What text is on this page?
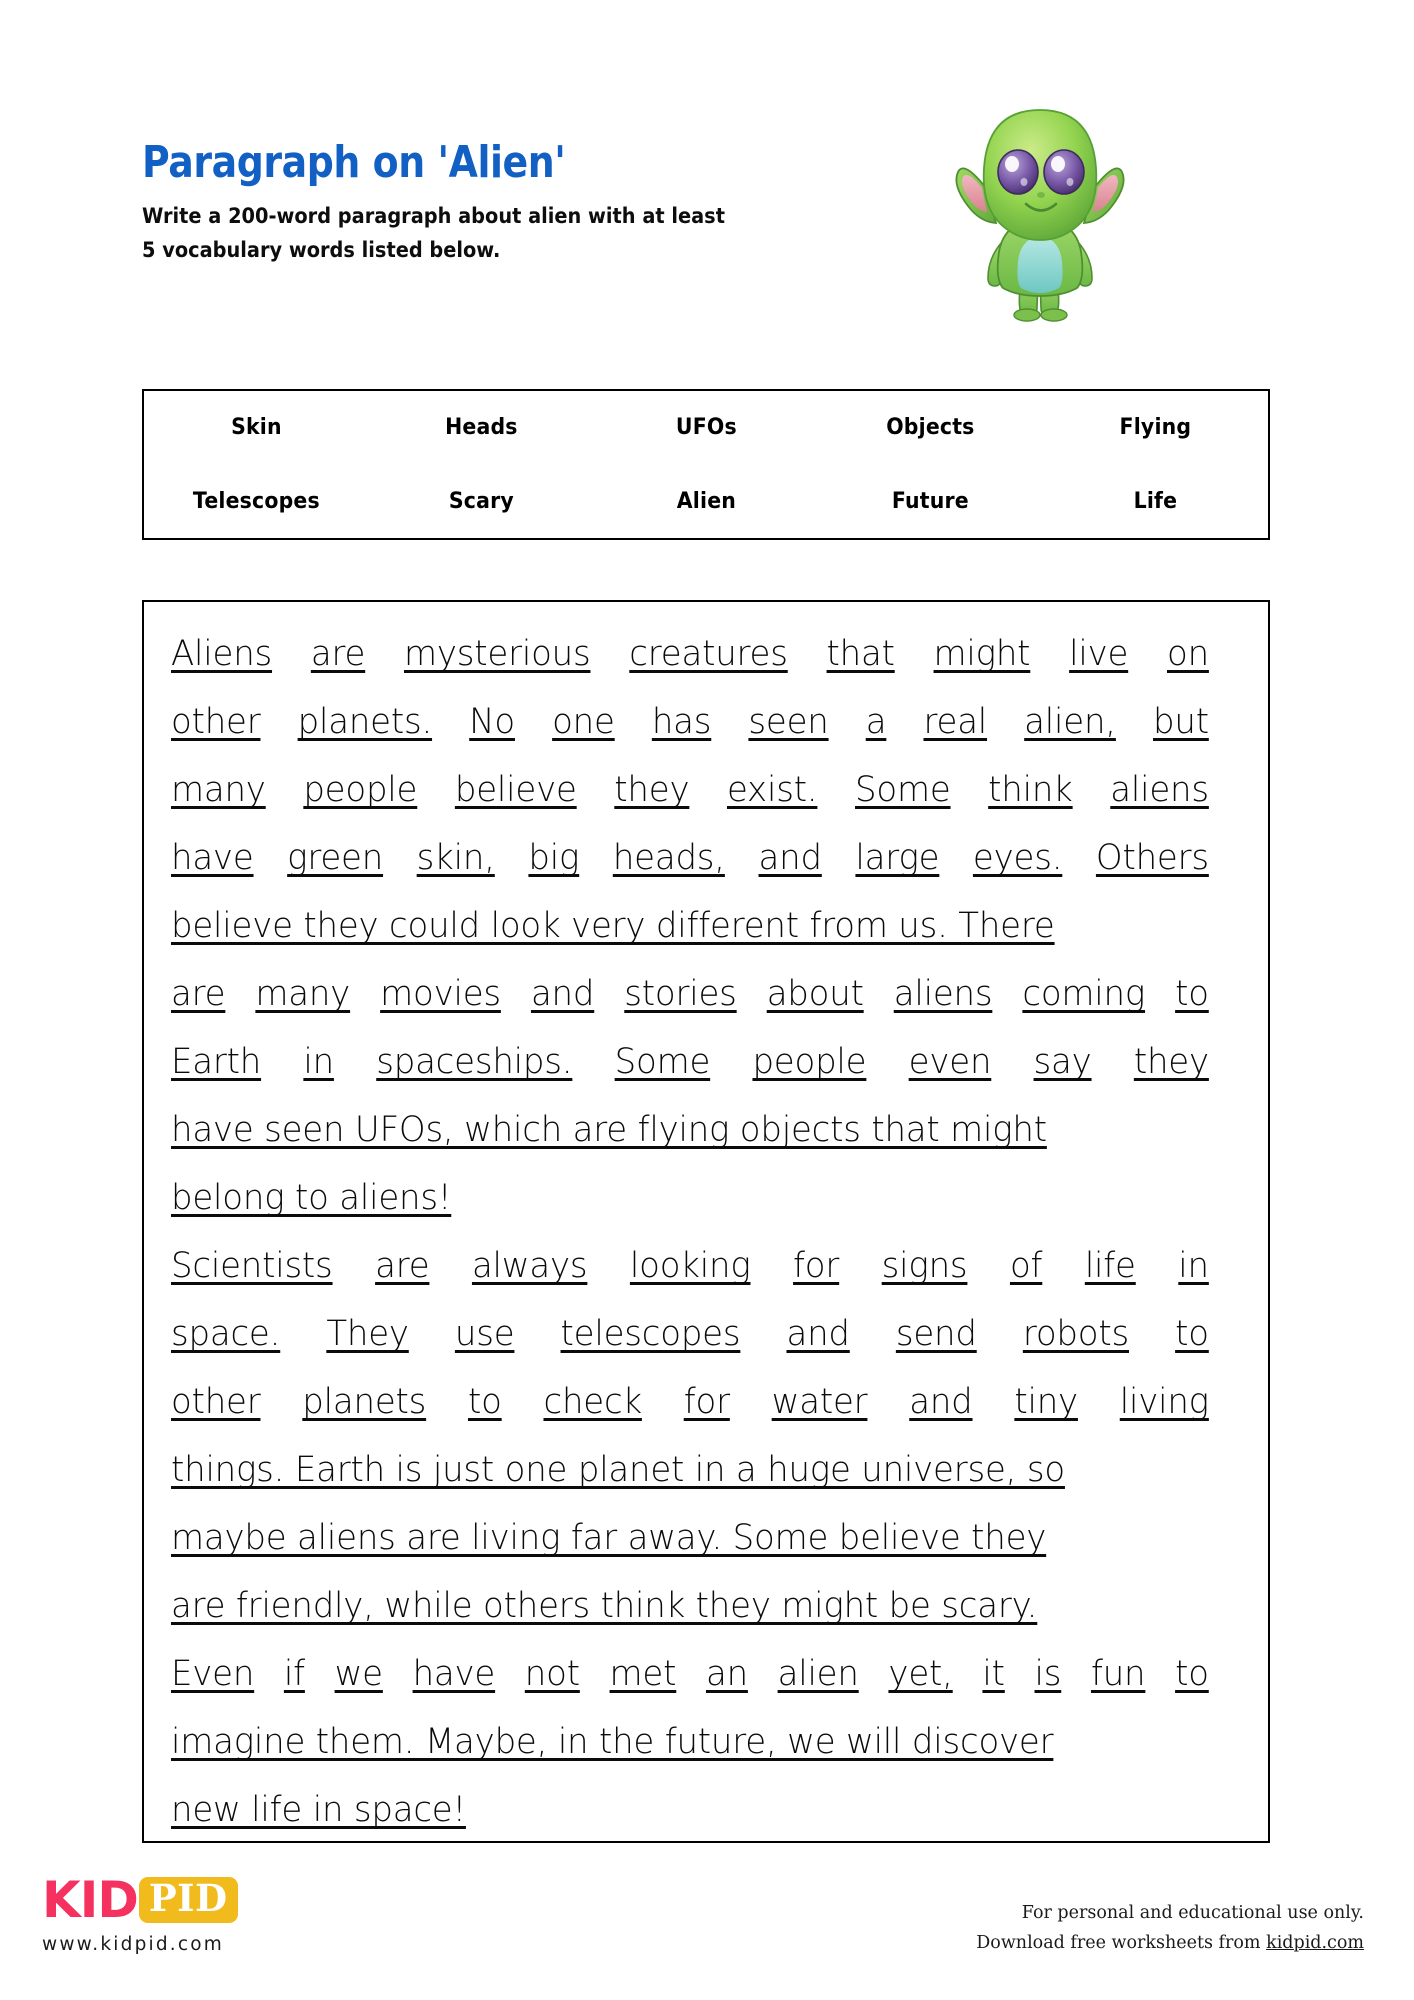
Paragraph on 'Alien'
Write a 200-word paragraph about alien with at least
5 vocabulary words listed below.
Skin	Heads	UFOs	Objects	Flying
Telescopes	Scary	Alien	Future	Life
Aliens are mysterious creatures that might live on
other planets. No one has seen a real alien, but
many people believe they exist. Some think aliens
have green skin, big heads, and large eyes. Others
believe they could look very different from us. There
are many movies and stories about aliens coming to
Earth in spaceships. Some people even say they
have seen UFOs, which are flying objects that might
belong to aliens!
Scientists are always looking for signs of life in
space. They use telescopes and send robots to
other planets to check for water and tiny living
things. Earth is just one planet in a huge universe, so
maybe aliens are living far away. Some believe they
are friendly, while others think they might be scary.
Even if we have not met an alien yet, it is fun to
imagine them. Maybe, in the future, we will discover
new life in space!
KID PID
www.kidpid.com
For personal and educational use only.
Download free worksheets from kidpid.com
